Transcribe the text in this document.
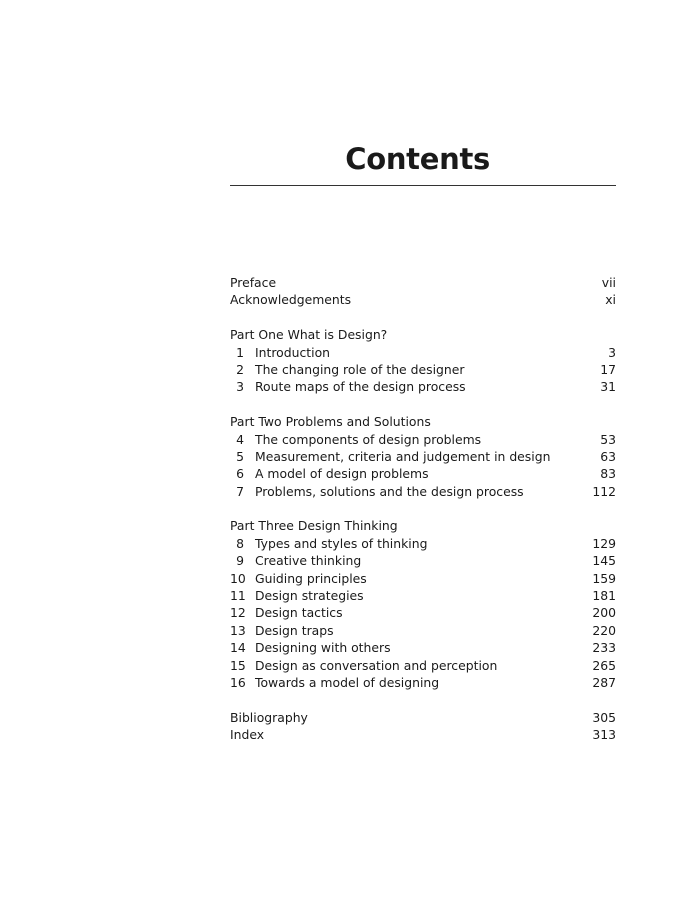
Contents
Preface	vii
Acknowledgements	xi
Part One What is Design?
1 Introduction	3
2 The changing role of the designer	17
3 Route maps of the design process	31
Part Two Problems and Solutions
4 The components of design problems	53
5 Measurement, criteria and judgement in design	63
6 A model of design problems	83
7 Problems, solutions and the design process	112
Part Three Design Thinking
8 Types and styles of thinking	129
9 Creative thinking	145
10 Guiding principles	159
11 Design strategies	181
12 Design tactics	200
13 Design traps	220
14 Designing with others	233
15 Design as conversation and perception	265
16 Towards a model of designing	287
Bibliography	305
Index	313
